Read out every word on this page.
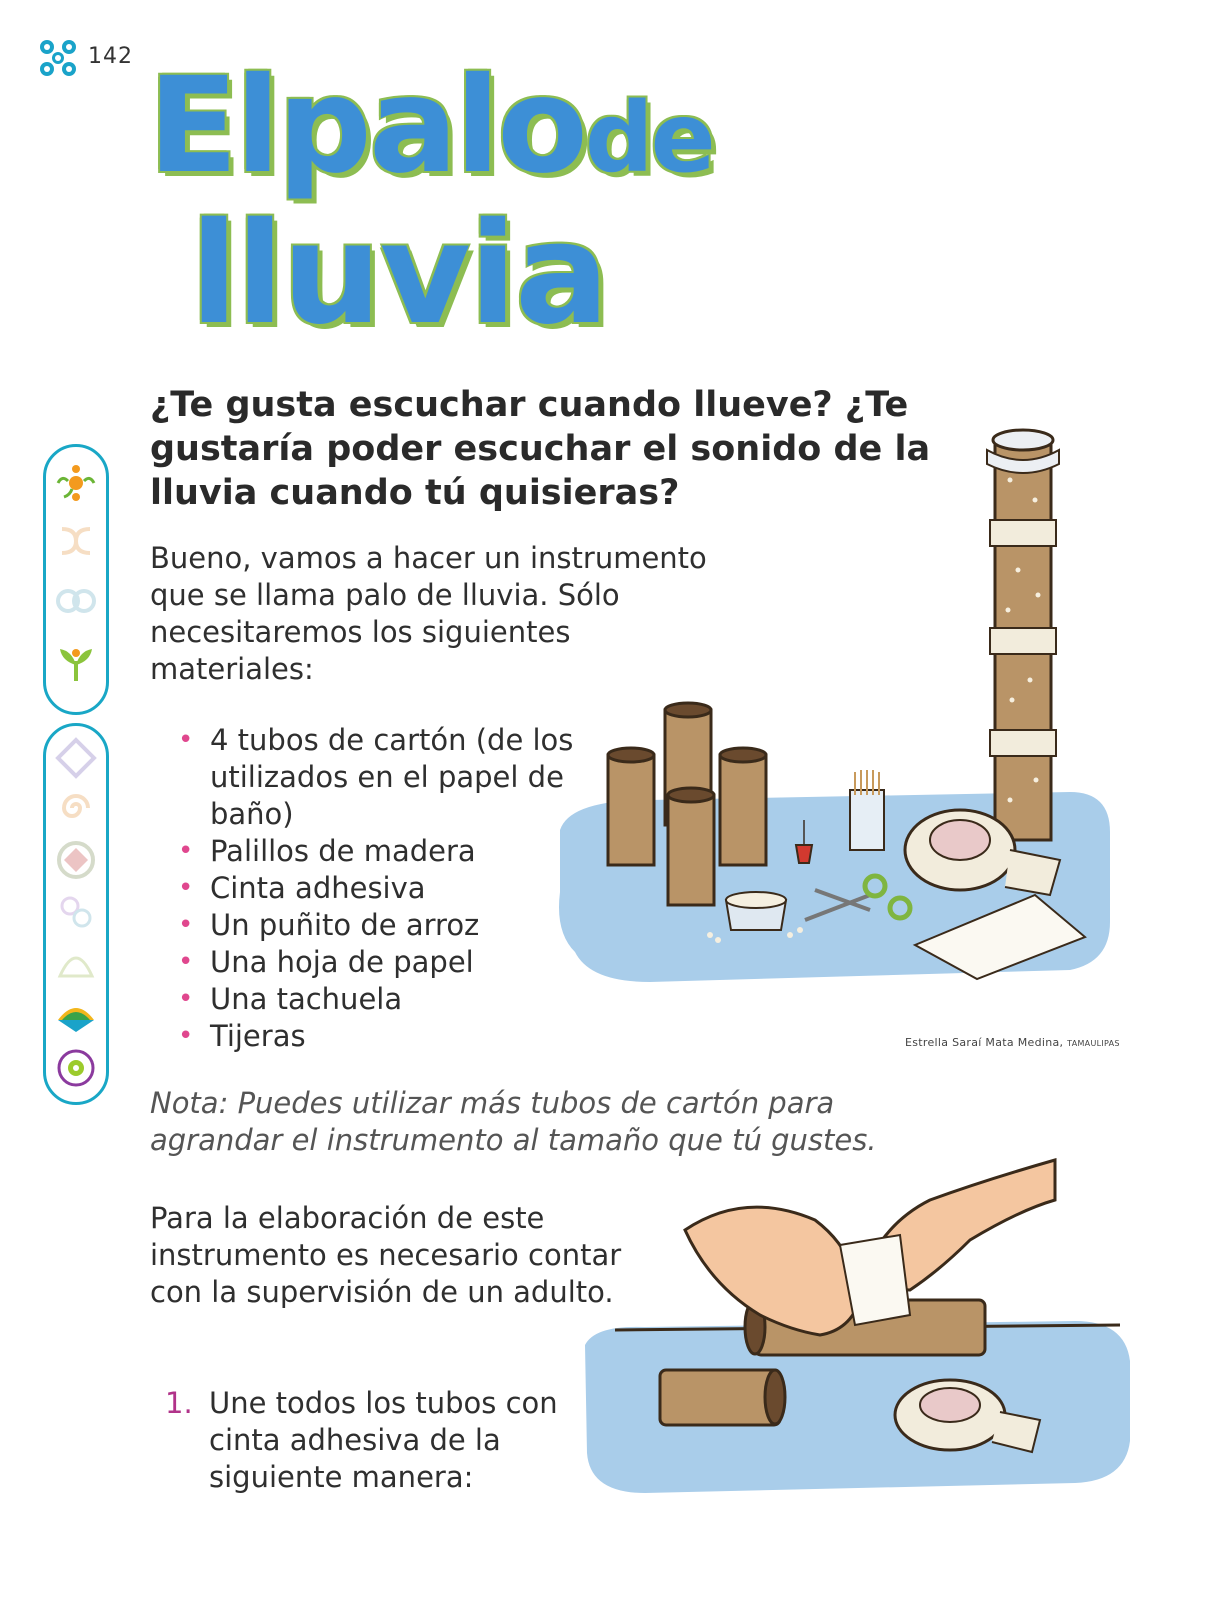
142 Elpalode
lluvia
¿Te gusta escuchar cuando llueve? ¿Te gustaría poder escuchar el sonido de la lluvia cuando tú quisieras?
Bueno, vamos a hacer un instrumento que se llama palo de lluvia. Sólo necesitaremos los siguientes materiales:
• 4 tubos de cartón (de los utilizados en el papel de baño)
• Palillos de madera
• Cinta adhesiva
• Un puñito de arroz
• Una hoja de papel
• Una tachuela
• Tijeras	Estrella Saraí Mata Medina, TAMAULIPAS
Nota: Puedes utilizar más tubos de cartón para agrandar el instrumento al tamaño que tú gustes.
Para la elaboración de este instrumento es necesario contar con la supervisión de un adulto.
1. Une todos los tubos con cinta adhesiva de la siguiente manera:
